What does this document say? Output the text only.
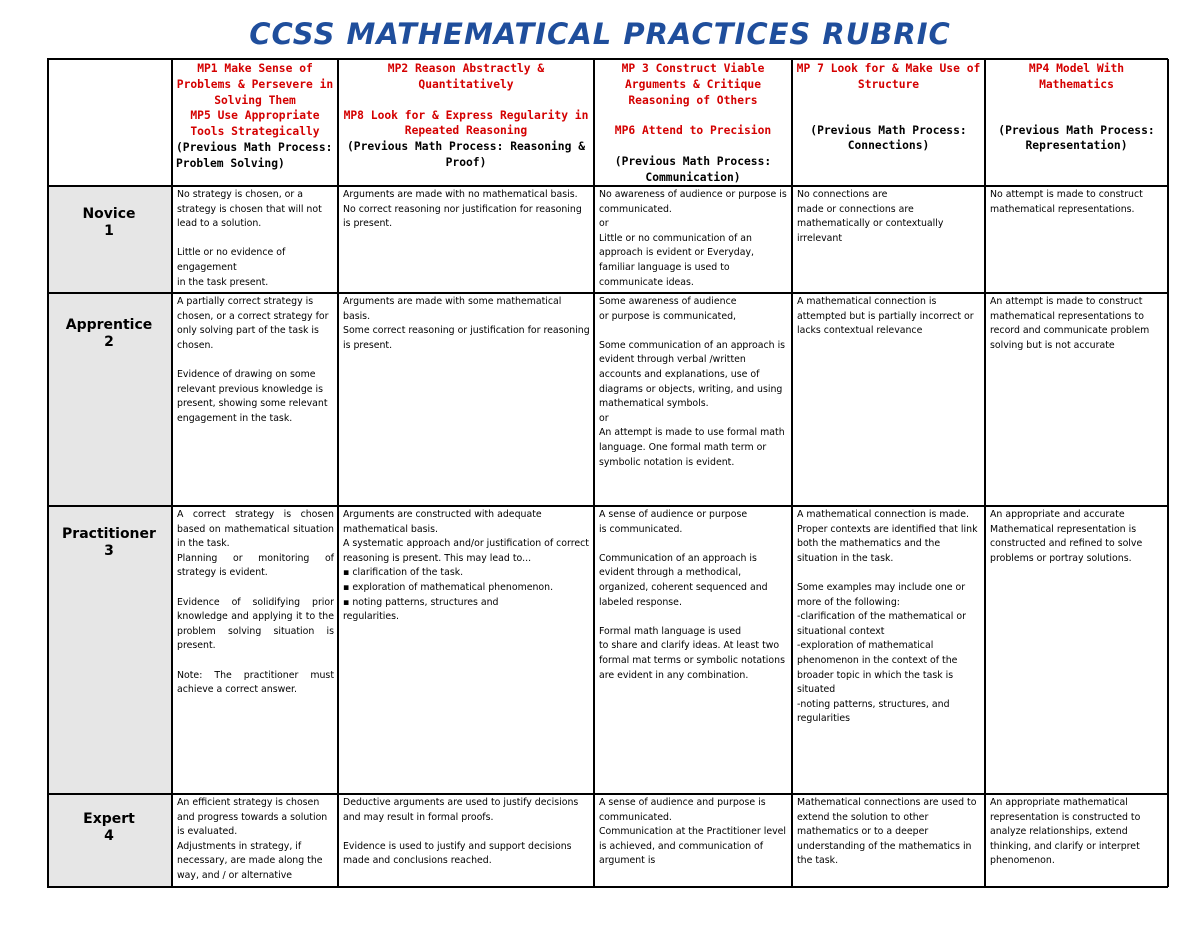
CCSS MATHEMATICAL PRACTICES RUBRIC
Novice
1
Apprentice
2
Practitioner
3
Expert
4
MP1 Make Sense of Problems & Persevere in Solving Them
MP5 Use Appropriate Tools Strategically
(Previous Math Process: Problem Solving)
MP2 Reason Abstractly & Quantitatively
MP8 Look for & Express Regularity in Repeated Reasoning
(Previous Math Process: Reasoning & Proof)
MP 3 Construct Viable Arguments & Critique Reasoning of Others
MP6 Attend to Precision
(Previous Math Process: Communication)
MP 7 Look for & Make Use of Structure
(Previous Math Process: Connections)
MP4 Model With Mathematics
(Previous Math Process: Representation)
No strategy is chosen, or a strategy is chosen that will not lead to a solution.
Little or no evidence of engagement
in the task present.
Arguments are made with no mathematical basis.
No correct reasoning nor justification for reasoning is present.
No awareness of audience or purpose is communicated.
or
Little or no communication of an approach is evident or Everyday, familiar language is used to communicate ideas.
No connections are
made or connections are mathematically or contextually irrelevant
No attempt is made to construct mathematical representations.
A partially correct strategy is chosen, or a correct strategy for only solving part of the task is chosen.
Evidence of drawing on some relevant previous knowledge is present, showing some relevant engagement in the task.
Arguments are made with some mathematical basis.
Some correct reasoning or justification for reasoning is present.
Some awareness of audience
or purpose is communicated,
Some communication of an approach is evident through verbal /written accounts and explanations, use of diagrams or objects, writing, and using mathematical symbols.
or
An attempt is made to use formal math language. One formal math term or symbolic notation is evident.
A mathematical connection is attempted but is partially incorrect or lacks contextual relevance
An attempt is made to construct mathematical representations to record and communicate problem solving but is not accurate
A correct strategy is chosen based on mathematical situation in the task.
Planning or monitoring of strategy is evident.
Evidence of solidifying prior knowledge and applying it to the problem solving situation is present.
Note: The practitioner must achieve a correct answer.
Arguments are constructed with adequate mathematical basis.
A systematic approach and/or justification of correct reasoning is present. This may lead to...
▪ clarification of the task.
▪ exploration of mathematical phenomenon.
▪ noting patterns, structures and
regularities.
A sense of audience or purpose
is communicated.
Communication of an approach is evident through a methodical, organized, coherent sequenced and labeled response.
Formal math language is used
to share and clarify ideas. At least two formal mat terms or symbolic notations are evident in any combination.
A mathematical connection is made. Proper contexts are identified that link both the mathematics and the situation in the task.
Some examples may include one or more of the following:
-clarification of the mathematical or situational context
-exploration of mathematical phenomenon in the context of the broader topic in which the task is situated
-noting patterns, structures, and regularities
An appropriate and accurate Mathematical representation is constructed and refined to solve problems or portray solutions.
An efficient strategy is chosen and progress towards a solution is evaluated.
Adjustments in strategy, if necessary, are made along the way, and / or alternative
Deductive arguments are used to justify decisions and may result in formal proofs.
Evidence is used to justify and support decisions made and conclusions reached.
A sense of audience and purpose is communicated.
Communication at the Practitioner level is achieved, and communication of argument is
Mathematical connections are used to extend the solution to other mathematics or to a deeper understanding of the mathematics in the task.
An appropriate mathematical representation is constructed to analyze relationships, extend thinking, and clarify or interpret phenomenon.
